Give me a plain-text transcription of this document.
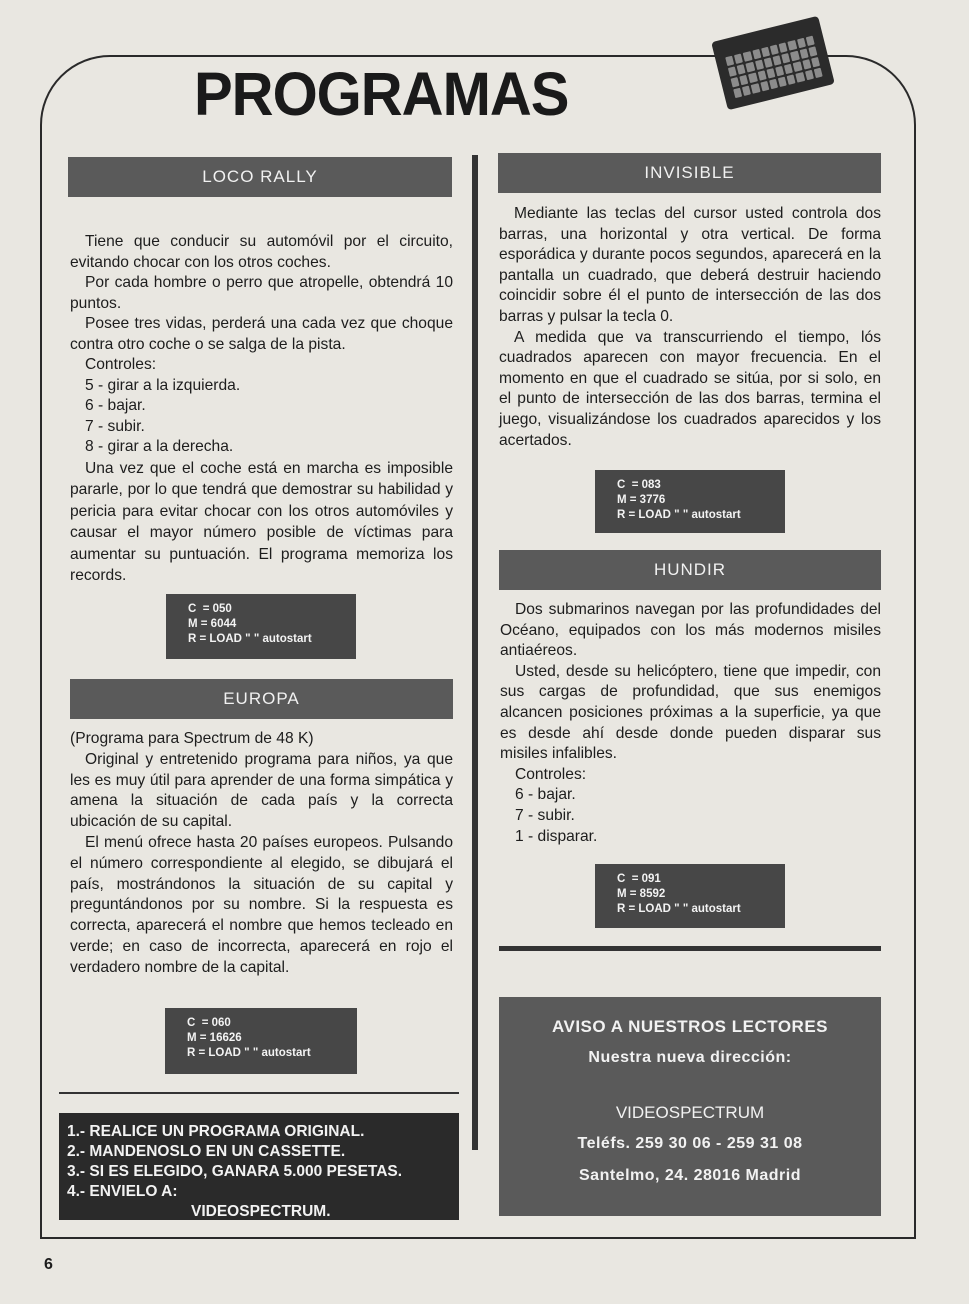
PROGRAMAS
LOCO RALLY

Tiene que conducir su automóvil por el circuito, evitando chocar con los otros coches.

Por cada hombre o perro que atropelle, obtendrá 10 puntos.

Posee tres vidas, perderá una cada vez que choque contra otro coche o se salga de la pista.

Controles:

5 - girar a la izquierda.

6 - bajar.

7 - subir.

8 - girar a la derecha.

Una vez que el coche está en marcha es imposible pararle, por lo que tendrá que demostrar su habilidad y pericia para evitar chocar con los otros automóviles y causar el mayor número posible de víctimas para aumentar su puntuación. El programa memoriza los records.

C  = 050
M = 6044
R = LOAD " " autostart
EUROPA

(Programa para Spectrum de 48 K)

Original y entretenido programa para niños, ya que les es muy útil para aprender de una forma simpática y amena la situación de cada país y la correcta ubicación de su capital.

El menú ofrece hasta 20 países europeos. Pulsando el número correspondiente al elegido, se dibujará el país, mostrándonos la situación de su capital y preguntándonos por su nombre. Si la respuesta es correcta, aparecerá el nombre que hemos tecleado en verde; en caso de incorrecta, aparecerá en rojo el verdadero nombre de la capital.

C  = 060
M = 16626
R = LOAD " " autostart
1.- REALICE UN PROGRAMA ORIGINAL.
2.- MANDENOSLO EN UN CASSETTE.
3.- SI ES ELEGIDO, GANARA 5.000 PESETAS.
4.- ENVIELO A:
VIDEOSPECTRUM.
INVISIBLE

Mediante las teclas del cursor usted controla dos barras, una horizontal y otra vertical. De forma esporádica y durante pocos segundos, aparecerá en la pantalla un cuadrado, que deberá destruir haciendo coincidir sobre él el punto de intersección de las dos barras y pulsar la tecla 0.

A medida que va transcurriendo el tiempo, lós cuadrados aparecen con mayor frecuencia. En el momento en que el cuadrado se sitúa, por si solo, en el punto de intersección de las dos barras, termina el juego, visualizándose los cuadrados aparecidos y los acertados.

C  = 083
M = 3776
R = LOAD " " autostart
HUNDIR

Dos submarinos navegan por las profundidades del Océano, equipados con los más modernos misiles antiaéreos.

Usted, desde su helicóptero, tiene que impedir, con sus cargas de profundidad, que sus enemigos alcancen posiciones próximas a la superficie, ya que es desde ahí desde donde pueden disparar sus misiles infalibles.

Controles:

6 - bajar.

7 - subir.

1 - disparar.

C  = 091
M = 8592
R = LOAD " " autostart
AVISO A NUESTROS LECTORES
Nuestra nueva dirección:
VIDEOSPECTRUM
Teléfs. 259 30 06 - 259 31 08
Santelmo, 24. 28016 Madrid
6
